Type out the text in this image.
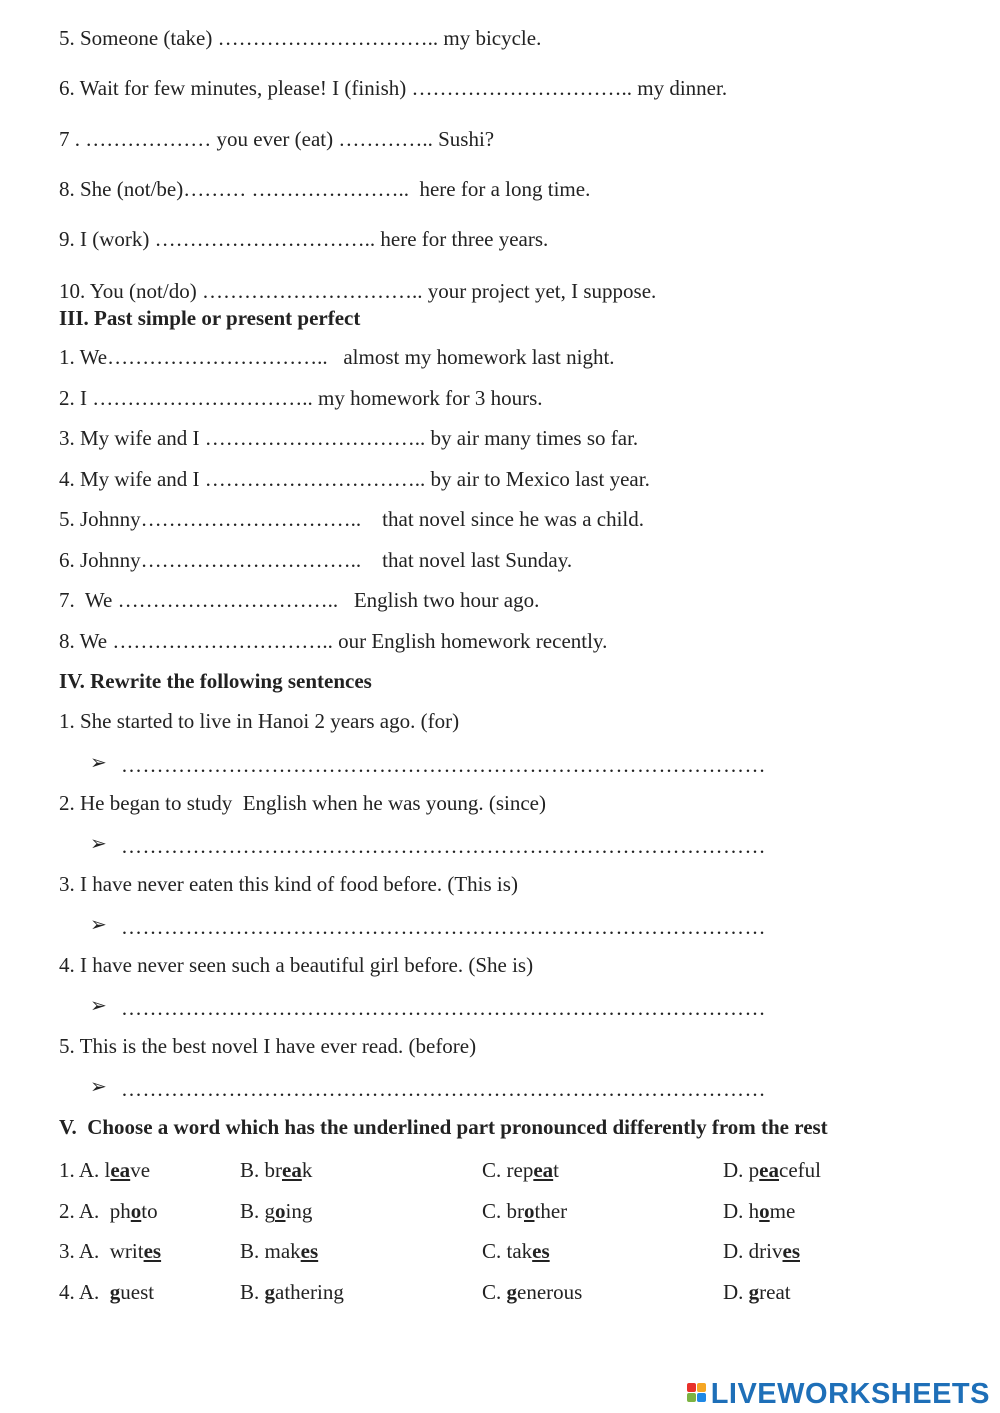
5. Someone (take) ………………………….. my bicycle.
6. Wait for few minutes, please! I (finish) ………………………….. my dinner.
7 . ……………… you ever (eat) ………….. Sushi?
8. She (not/be)……… …………………..  here for a long time.
9. I (work) ………………………….. here for three years.
10. You (not/do) ………………………….. your project yet, I suppose.
III. Past simple or present perfect
1. We…………………………..   almost my homework last night.
2. I ………………………….. my homework for 3 hours.
3. My wife and I ………………………….. by air many times so far.
4. My wife and I ………………………….. by air to Mexico last year.
5. Johnny…………………………..    that novel since he was a child.
6. Johnny…………………………..    that novel last Sunday.
7.  We …………………………..   English two hour ago.
8. We ………………………….. our English homework recently.
IV. Rewrite the following sentences
1. She started to live in Hanoi 2 years ago. (for)
➢ ………………………………………………………………………………
2. He began to study  English when he was young. (since)
➢ ………………………………………………………………………………
3. I have never eaten this kind of food before. (This is)
➢ ………………………………………………………………………………
4. I have never seen such a beautiful girl before. (She is)
➢ ………………………………………………………………………………
5. This is the best novel I have ever read. (before)
➢ ………………………………………………………………………………
V.  Choose a word which has the underlined part pronounced differently from the rest
1. A. leave	B. break	C. repeat	D. peaceful
2. A.  photo	B. going	C. brother	D. home
3. A.  writes	B. makes	C. takes	D. drives
4. A.  guest	B. gathering	C. generous	D. great
LIVEWORKSHEETS
